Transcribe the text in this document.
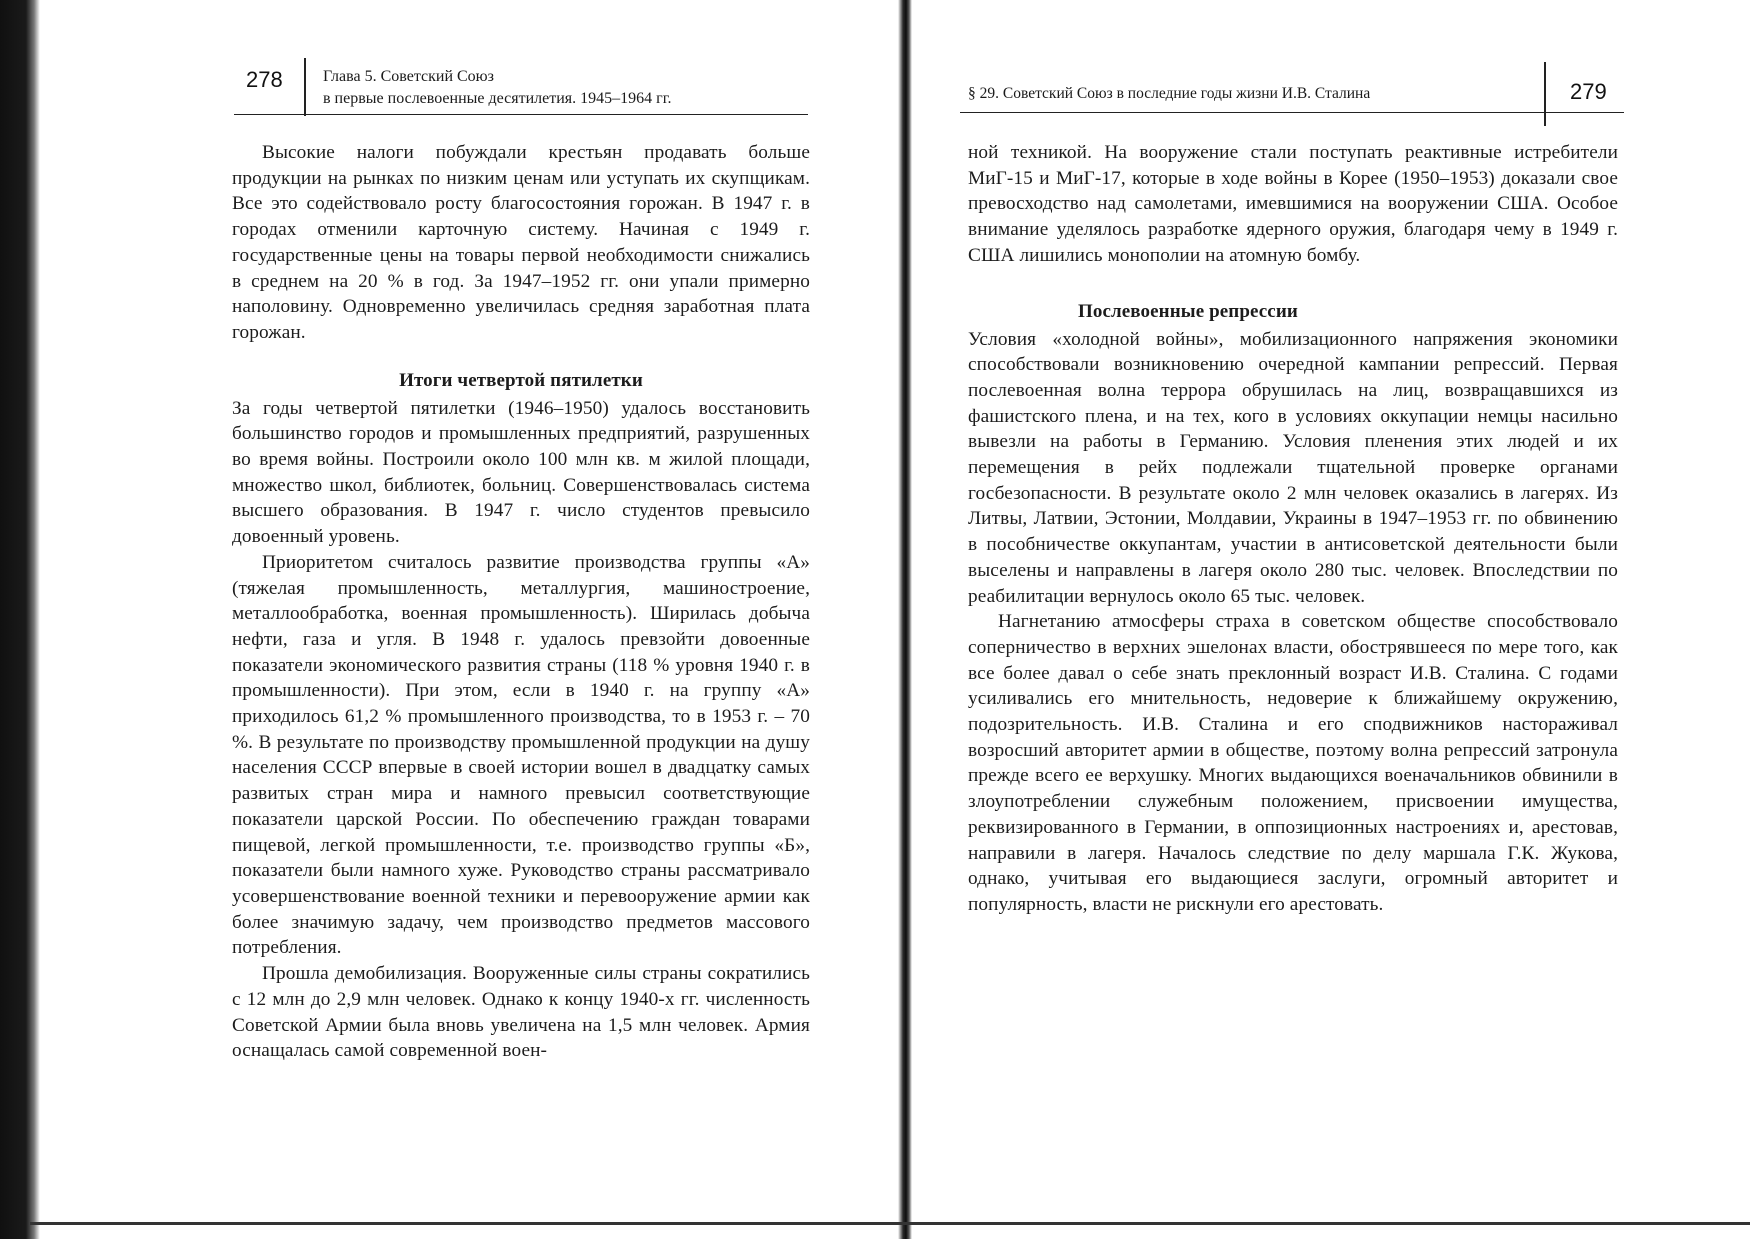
278	Глава 5. Советский Союз
в первые послевоенные десятилетия. 1945–1964 гг.

Высокие налоги побуждали крестьян продавать больше продукции на рынках по низким ценам или уступать их скупщикам. Все это содействовало росту благосостояния горожан. В 1947 г. в городах отменили карточную систему. Начиная с 1949 г. государственные цены на товары первой необходимости снижались в среднем на 20 % в год. За 1947–1952 гг. они упали примерно наполовину. Одновременно увеличилась средняя заработная плата горожан.

Итоги четвертой пятилетки

За годы четвертой пятилетки (1946–1950) удалось восстановить большинство городов и промышленных предприятий, разрушенных во время войны. Построили около 100 млн кв. м жилой площади, множество школ, библиотек, больниц. Совершенствовалась система высшего образования. В 1947 г. число студентов превысило довоенный уровень.

Приоритетом считалось развитие производства группы «А» (тяжелая промышленность, металлургия, машиностроение, металлообработка, военная промышленность). Ширилась добыча нефти, газа и угля. В 1948 г. удалось превзойти довоенные показатели экономического развития страны (118 % уровня 1940 г. в промышленности). При этом, если в 1940 г. на группу «А» приходилось 61,2 % промышленного производства, то в 1953 г. – 70 %. В результате по производству промышленной продукции на душу населения СССР впервые в своей истории вошел в двадцатку самых развитых стран мира и намного превысил соответствующие показатели царской России. По обеспечению граждан товарами пищевой, легкой промышленности, т.е. производство группы «Б», показатели были намного хуже. Руководство страны рассматривало усовершенствование военной техники и перевооружение армии как более значимую задачу, чем производство предметов массового потребления.

Прошла демобилизация. Вооруженные силы страны сократились с 12 млн до 2,9 млн человек. Однако к концу 1940-х гг. численность Советской Армии была вновь увеличена на 1,5 млн человек. Армия оснащалась самой современной воен-

§ 29. Советский Союз в последние годы жизни И.В. Сталина	279

ной техникой. На вооружение стали поступать реактивные истребители МиГ-15 и МиГ-17, которые в ходе войны в Корее (1950–1953) доказали свое превосходство над самолетами, имевшимися на вооружении США. Особое внимание уделялось разработке ядерного оружия, благодаря чему в 1949 г. США лишились монополии на атомную бомбу.

Послевоенные репрессии

Условия «холодной войны», мобилизационного напряжения экономики способствовали возникновению очередной кампании репрессий. Первая послевоенная волна террора обрушилась на лиц, возвращавшихся из фашистского плена, и на тех, кого в условиях оккупации немцы насильно вывезли на работы в Германию. Условия пленения этих людей и их перемещения в рейх подлежали тщательной проверке органами госбезопасности. В результате около 2 млн человек оказались в лагерях. Из Литвы, Латвии, Эстонии, Молдавии, Украины в 1947–1953 гг. по обвинению в пособничестве оккупантам, участии в антисоветской деятельности были выселены и направлены в лагеря около 280 тыс. человек. Впоследствии по реабилитации вернулось около 65 тыс. человек.

Нагнетанию атмосферы страха в советском обществе способствовало соперничество в верхних эшелонах власти, обострявшееся по мере того, как все более давал о себе знать преклонный возраст И.В. Сталина. С годами усиливались его мнительность, недоверие к ближайшему окружению, подозрительность. И.В. Сталина и его сподвижников настораживал возросший авторитет армии в обществе, поэтому волна репрессий затронула прежде всего ее верхушку. Многих выдающихся военачальников обвинили в злоупотреблении служебным положением, присвоении имущества, реквизированного в Германии, в оппозиционных настроениях и, арестовав, направили в лагеря. Началось следствие по делу маршала Г.К. Жукова, однако, учитывая его выдающиеся заслуги, огромный авторитет и популярность, власти не рискнули его арестовать.
